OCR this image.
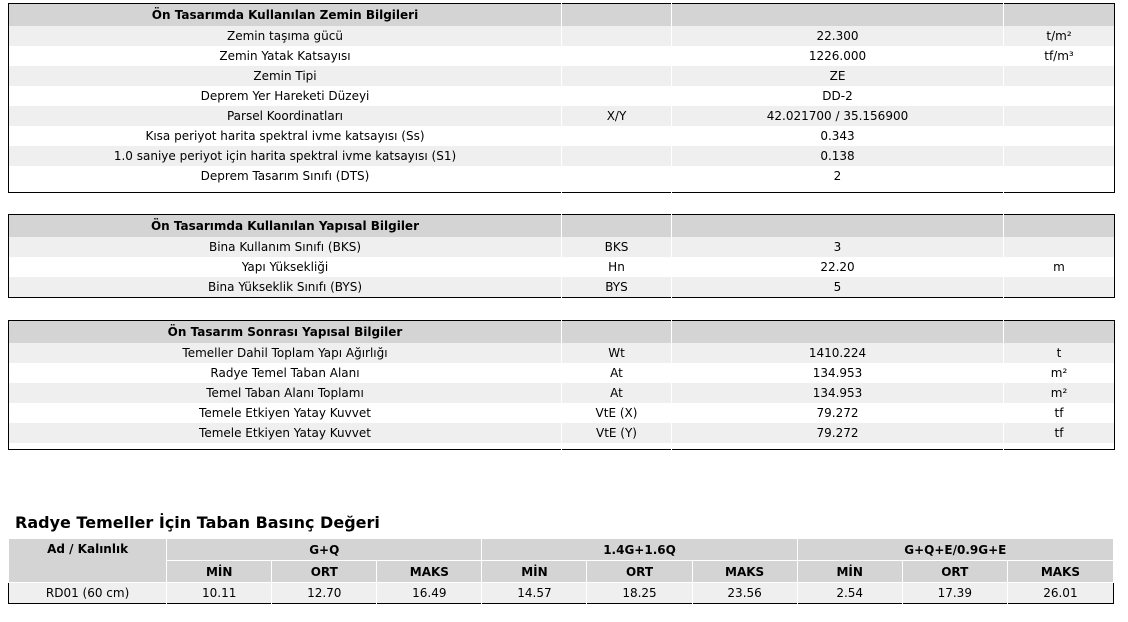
Ön Tasarımda Kullanılan Zemin Bilgileri			
Zemin taşıma gücü		22.300	t/m²
Zemin Yatak Katsayısı		1226.000	tf/m³
Zemin Tipi		ZE	
Deprem Yer Hareketi Düzeyi		DD-2	
Parsel Koordinatları	X/Y	42.021700 / 35.156900	
Kısa periyot harita spektral ivme katsayısı (Ss)		0.343	
1.0 saniye periyot için harita spektral ivme katsayısı (S1)		0.138	
Deprem Tasarım Sınıfı (DTS)		2	

Ön Tasarımda Kullanılan Yapısal Bilgiler			
Bina Kullanım Sınıfı (BKS)	BKS	3	
Yapı Yüksekliği	Hn	22.20	m
Bina Yükseklik Sınıfı (BYS)	BYS	5	
Ön Tasarım Sonrası Yapısal Bilgiler			
Temeller Dahil Toplam Yapı Ağırlığı	Wt	1410.224	t
Radye Temel Taban Alanı	At	134.953	m²
Temel Taban Alanı Toplamı	At	134.953	m²
Temele Etkiyen Yatay Kuvvet	VtE (X)	79.272	tf
Temele Etkiyen Yatay Kuvvet	VtE (Y)	79.272	tf

Radye Temeller İçin Taban Basınç Değeri
Ad / Kalınlık	G+Q			1.4G+1.6Q			G+Q+E/0.9G+E		
	MİN	ORT	MAKS	MİN	ORT	MAKS	MİN	ORT	MAKS
RD01 (60 cm)	10.11	12.70	16.49	14.57	18.25	23.56	2.54	17.39	26.01
